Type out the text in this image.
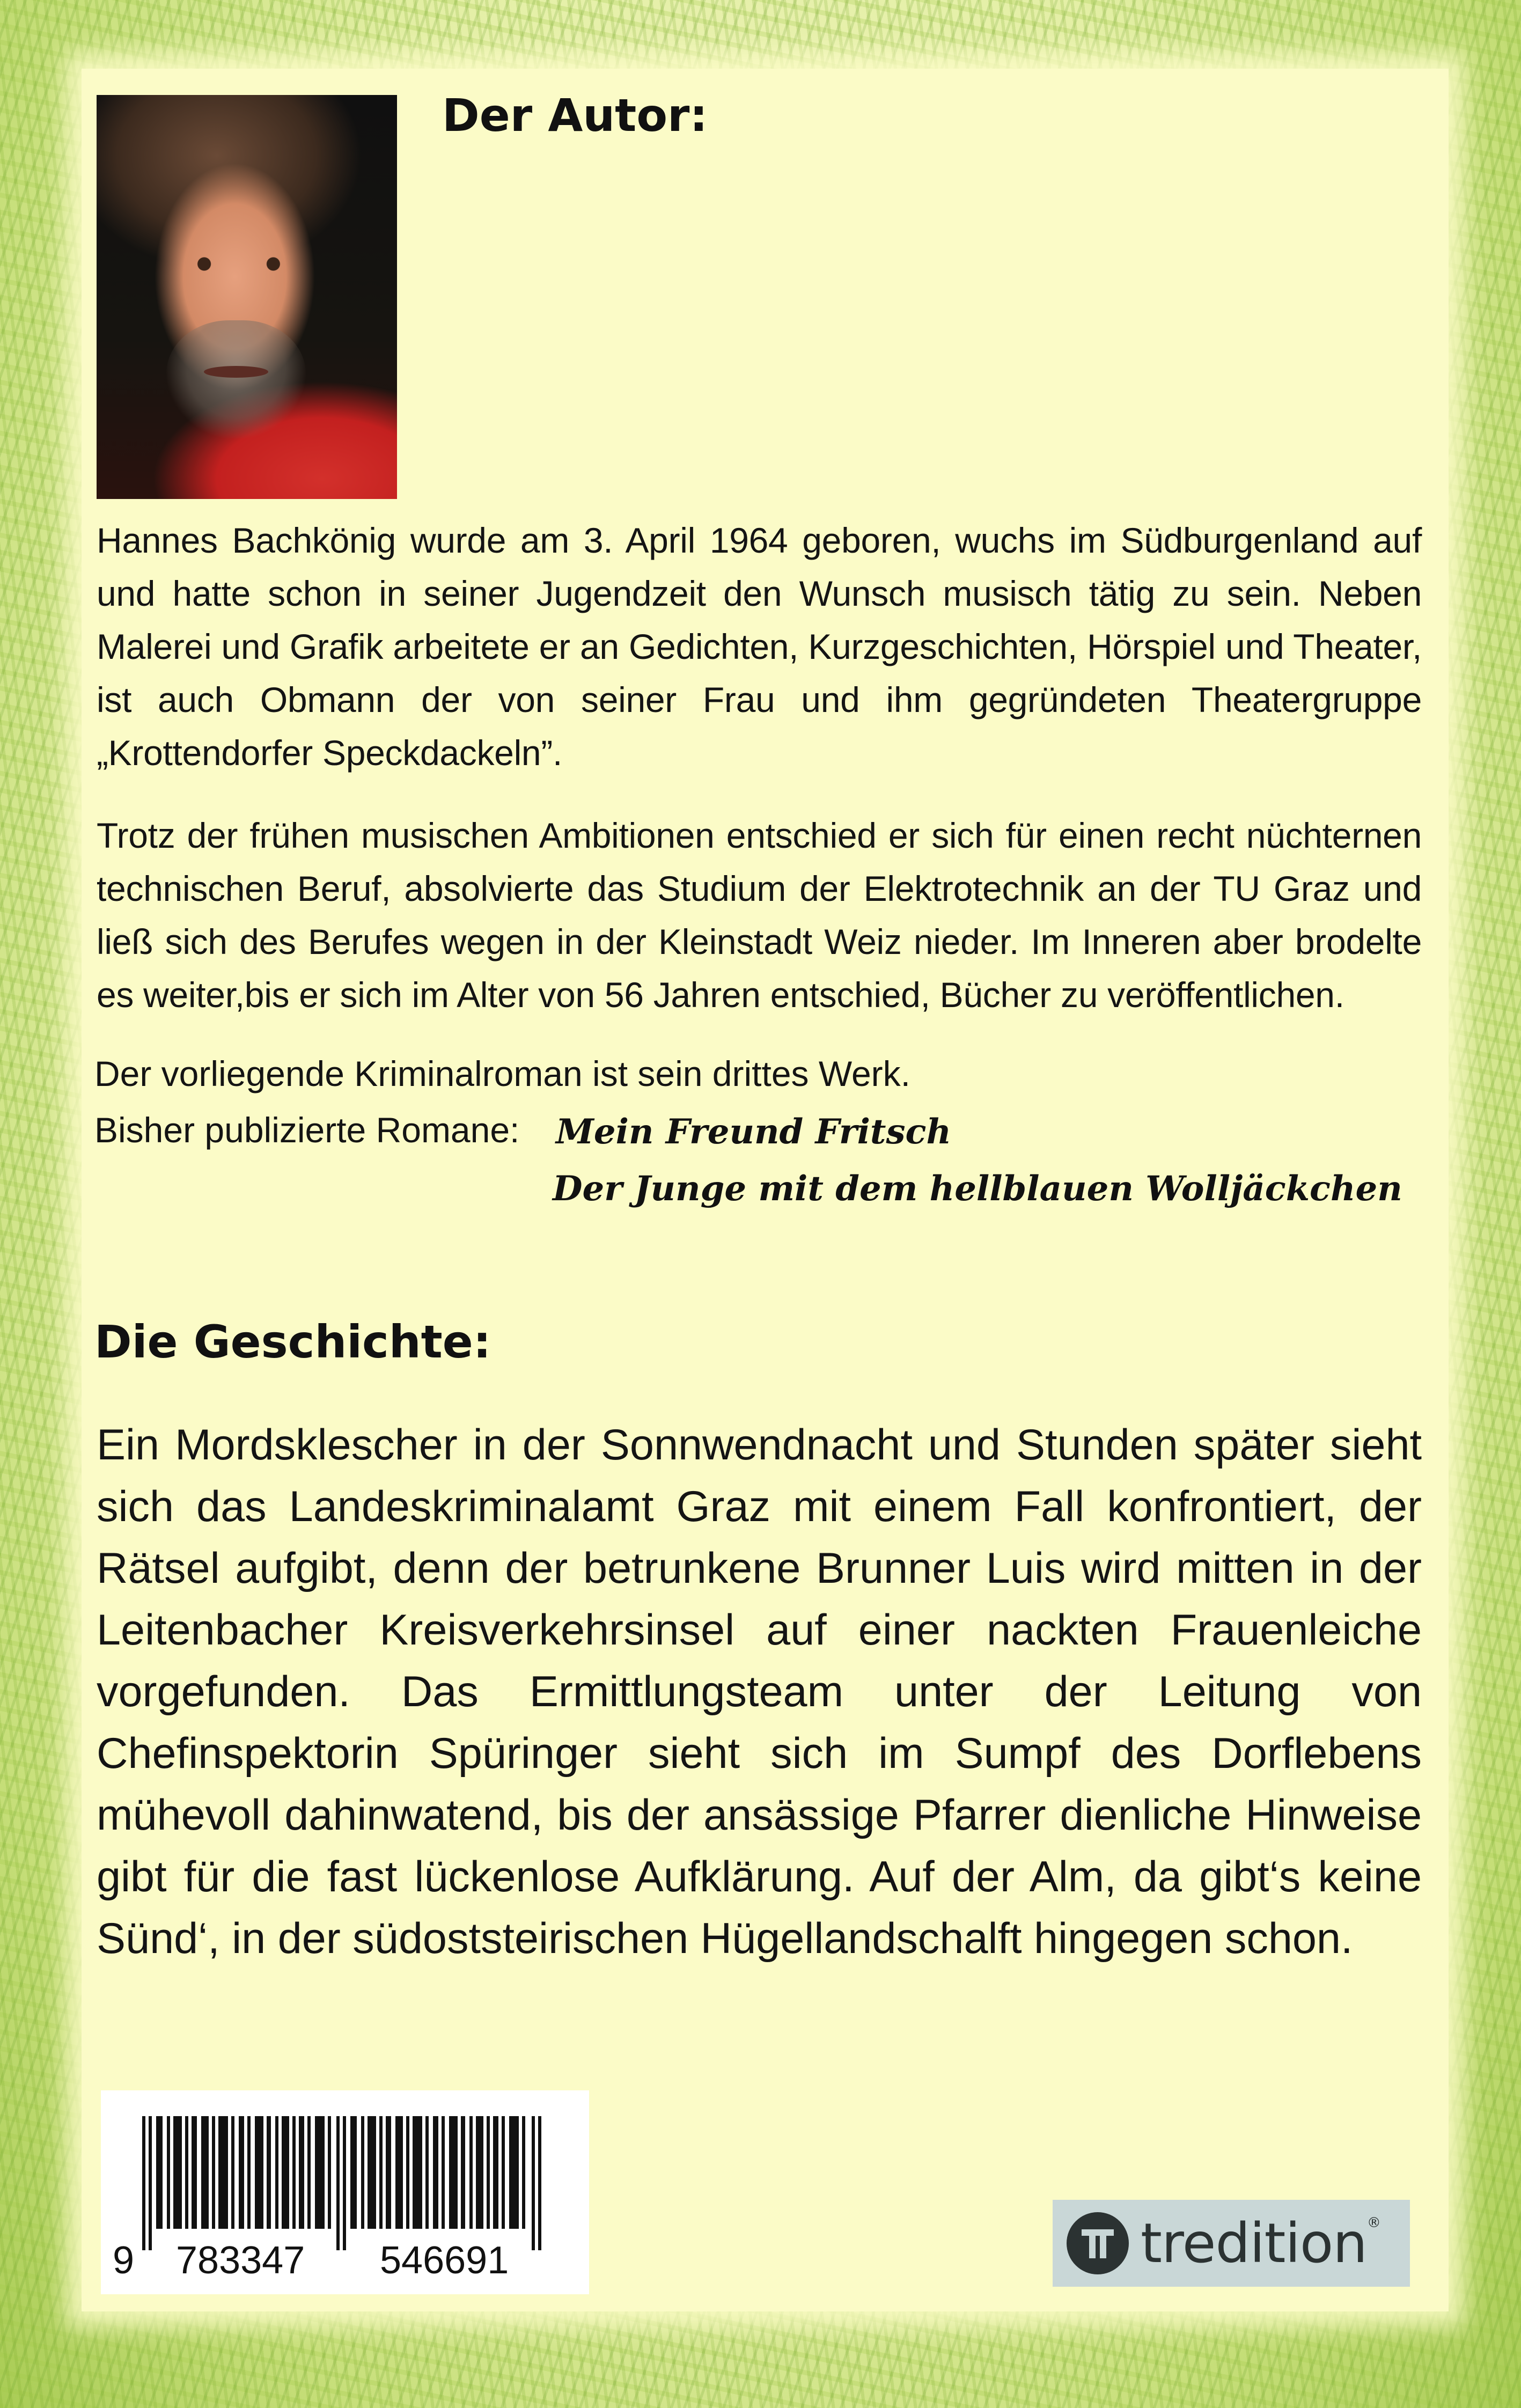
Der Autor:

Hannes Bachkönig wurde am 3. April 1964 geboren, wuchs im Südburgenland auf und hatte schon in seiner Jugendzeit den Wunsch musisch tätig zu sein. Neben Malerei und Grafik arbeitete er an Gedichten, Kurzgeschichten, Hörspiel und Theater, ist auch Obmann der von seiner Frau und ihm gegründeten Theatergruppe „Krottendorfer Speckdackeln”.

Trotz der frühen musischen Ambitionen entschied er sich für einen recht nüchternen technischen Beruf, absolvierte das Studium der Elektrotechnik an der TU Graz und ließ sich des Berufes wegen in der Kleinstadt Weiz nieder. Im Inneren aber brodelte es weiter,bis er sich im Alter von 56 Jahren entschied, Bücher zu veröffentlichen.

Der vorliegende Kriminalroman ist sein drittes Werk.
Bisher publizierte Romane: Mein Freund Fritsch
Der Junge mit dem hellblauen Wolljäckchen
Die Geschichte:

Ein Mordsklescher in der Sonnwendnacht und Stunden später sieht sich das Landeskriminalamt Graz mit einem Fall konfrontiert, der Rätsel aufgibt, denn der betrunkene Brunner Luis wird mitten in der Leitenbacher Kreisverkehrsinsel auf einer nackten Frauenleiche vorgefunden. Das Ermittlungsteam unter der Leitung von Chefinspektorin Spüringer sieht sich im Sumpf des Dorflebens mühevoll dahinwatend, bis der ansässige Pfarrer dienliche Hinweise gibt für die fast lückenlose Aufklärung. Auf der Alm, da gibt‘s keine Sünd‘, in der südoststeirischen Hügellandschalft hingegen schon.

9 783347 546691	tredition ®
